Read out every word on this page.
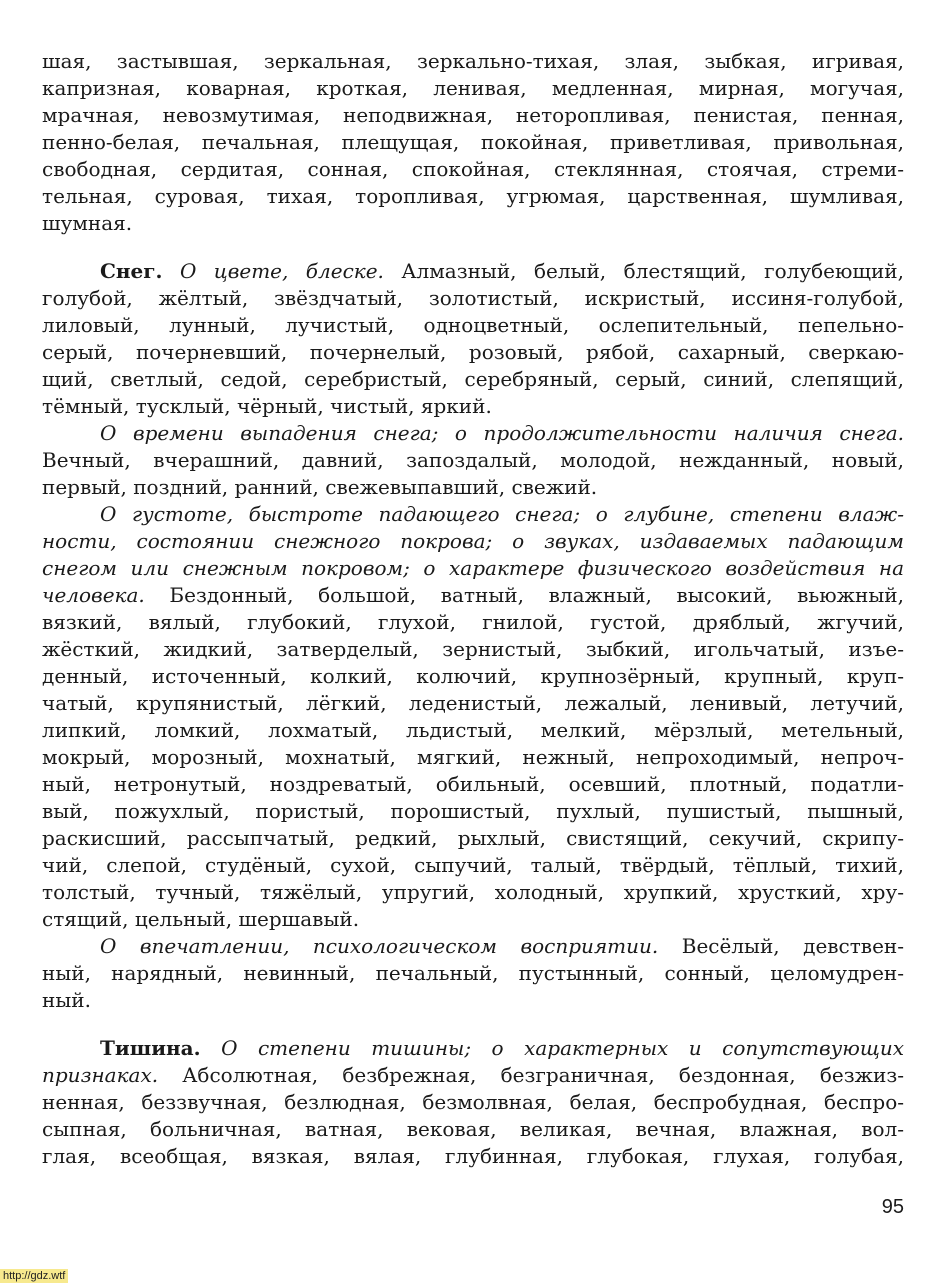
шая, застывшая, зеркальная, зеркально-тихая, злая, зыбкая, игривая,
капризная, коварная, кроткая, ленивая, медленная, мирная, могучая,
мрачная, невозмутимая, неподвижная, неторопливая, пенистая, пенная,
пенно-белая, печальная, плещущая, покойная, приветливая, привольная,
свободная, сердитая, сонная, спокойная, стеклянная, стоячая, стреми-
тельная, суровая, тихая, торопливая, угрюмая, царственная, шумливая,
шумная.
Снег. О цвете, блеске. Алмазный, белый, блестящий, голубеющий,
голубой, жёлтый, звёздчатый, золотистый, искристый, иссиня-голубой,
лиловый, лунный, лучистый, одноцветный, ослепительный, пепельно-
серый, почерневший, почернелый, розовый, рябой, сахарный, сверкаю-
щий, светлый, седой, серебристый, серебряный, серый, синий, слепящий,
тёмный, тусклый, чёрный, чистый, яркий.
О времени выпадения снега; о продолжительности наличия снега.
Вечный, вчерашний, давний, запоздалый, молодой, нежданный, новый,
первый, поздний, ранний, свежевыпавший, свежий.
О густоте, быстроте падающего снега; о глубине, степени влаж-
ности, состоянии снежного покрова; о звуках, издаваемых падающим
снегом или снежным покровом; о характере физического воздействия на
человека. Бездонный, большой, ватный, влажный, высокий, вьюжный,
вязкий, вялый, глубокий, глухой, гнилой, густой, дряблый, жгучий,
жёсткий, жидкий, затверделый, зернистый, зыбкий, игольчатый, изъе-
денный, источенный, колкий, колючий, крупнозёрный, крупный, круп-
чатый, крупянистый, лёгкий, леденистый, лежалый, ленивый, летучий,
липкий, ломкий, лохматый, льдистый, мелкий, мёрзлый, метельный,
мокрый, морозный, мохнатый, мягкий, нежный, непроходимый, непроч-
ный, нетронутый, ноздреватый, обильный, осевший, плотный, податли-
вый, пожухлый, пористый, порошистый, пухлый, пушистый, пышный,
раскисший, рассыпчатый, редкий, рыхлый, свистящий, секучий, скрипу-
чий, слепой, студёный, сухой, сыпучий, талый, твёрдый, тёплый, тихий,
толстый, тучный, тяжёлый, упругий, холодный, хрупкий, хрусткий, хру-
стящий, цельный, шершавый.
О впечатлении, психологическом восприятии. Весёлый, девствен-
ный, нарядный, невинный, печальный, пустынный, сонный, целомудрен-
ный.
Тишина. О степени тишины; о характерных и сопутствующих
признаках. Абсолютная, безбрежная, безграничная, бездонная, безжиз-
ненная, беззвучная, безлюдная, безмолвная, белая, беспробудная, беспро-
сыпная, больничная, ватная, вековая, великая, вечная, влажная, вол-
глая, всеобщая, вязкая, вялая, глубинная, глубокая, глухая, голубая,
95
http://gdz.wtf
